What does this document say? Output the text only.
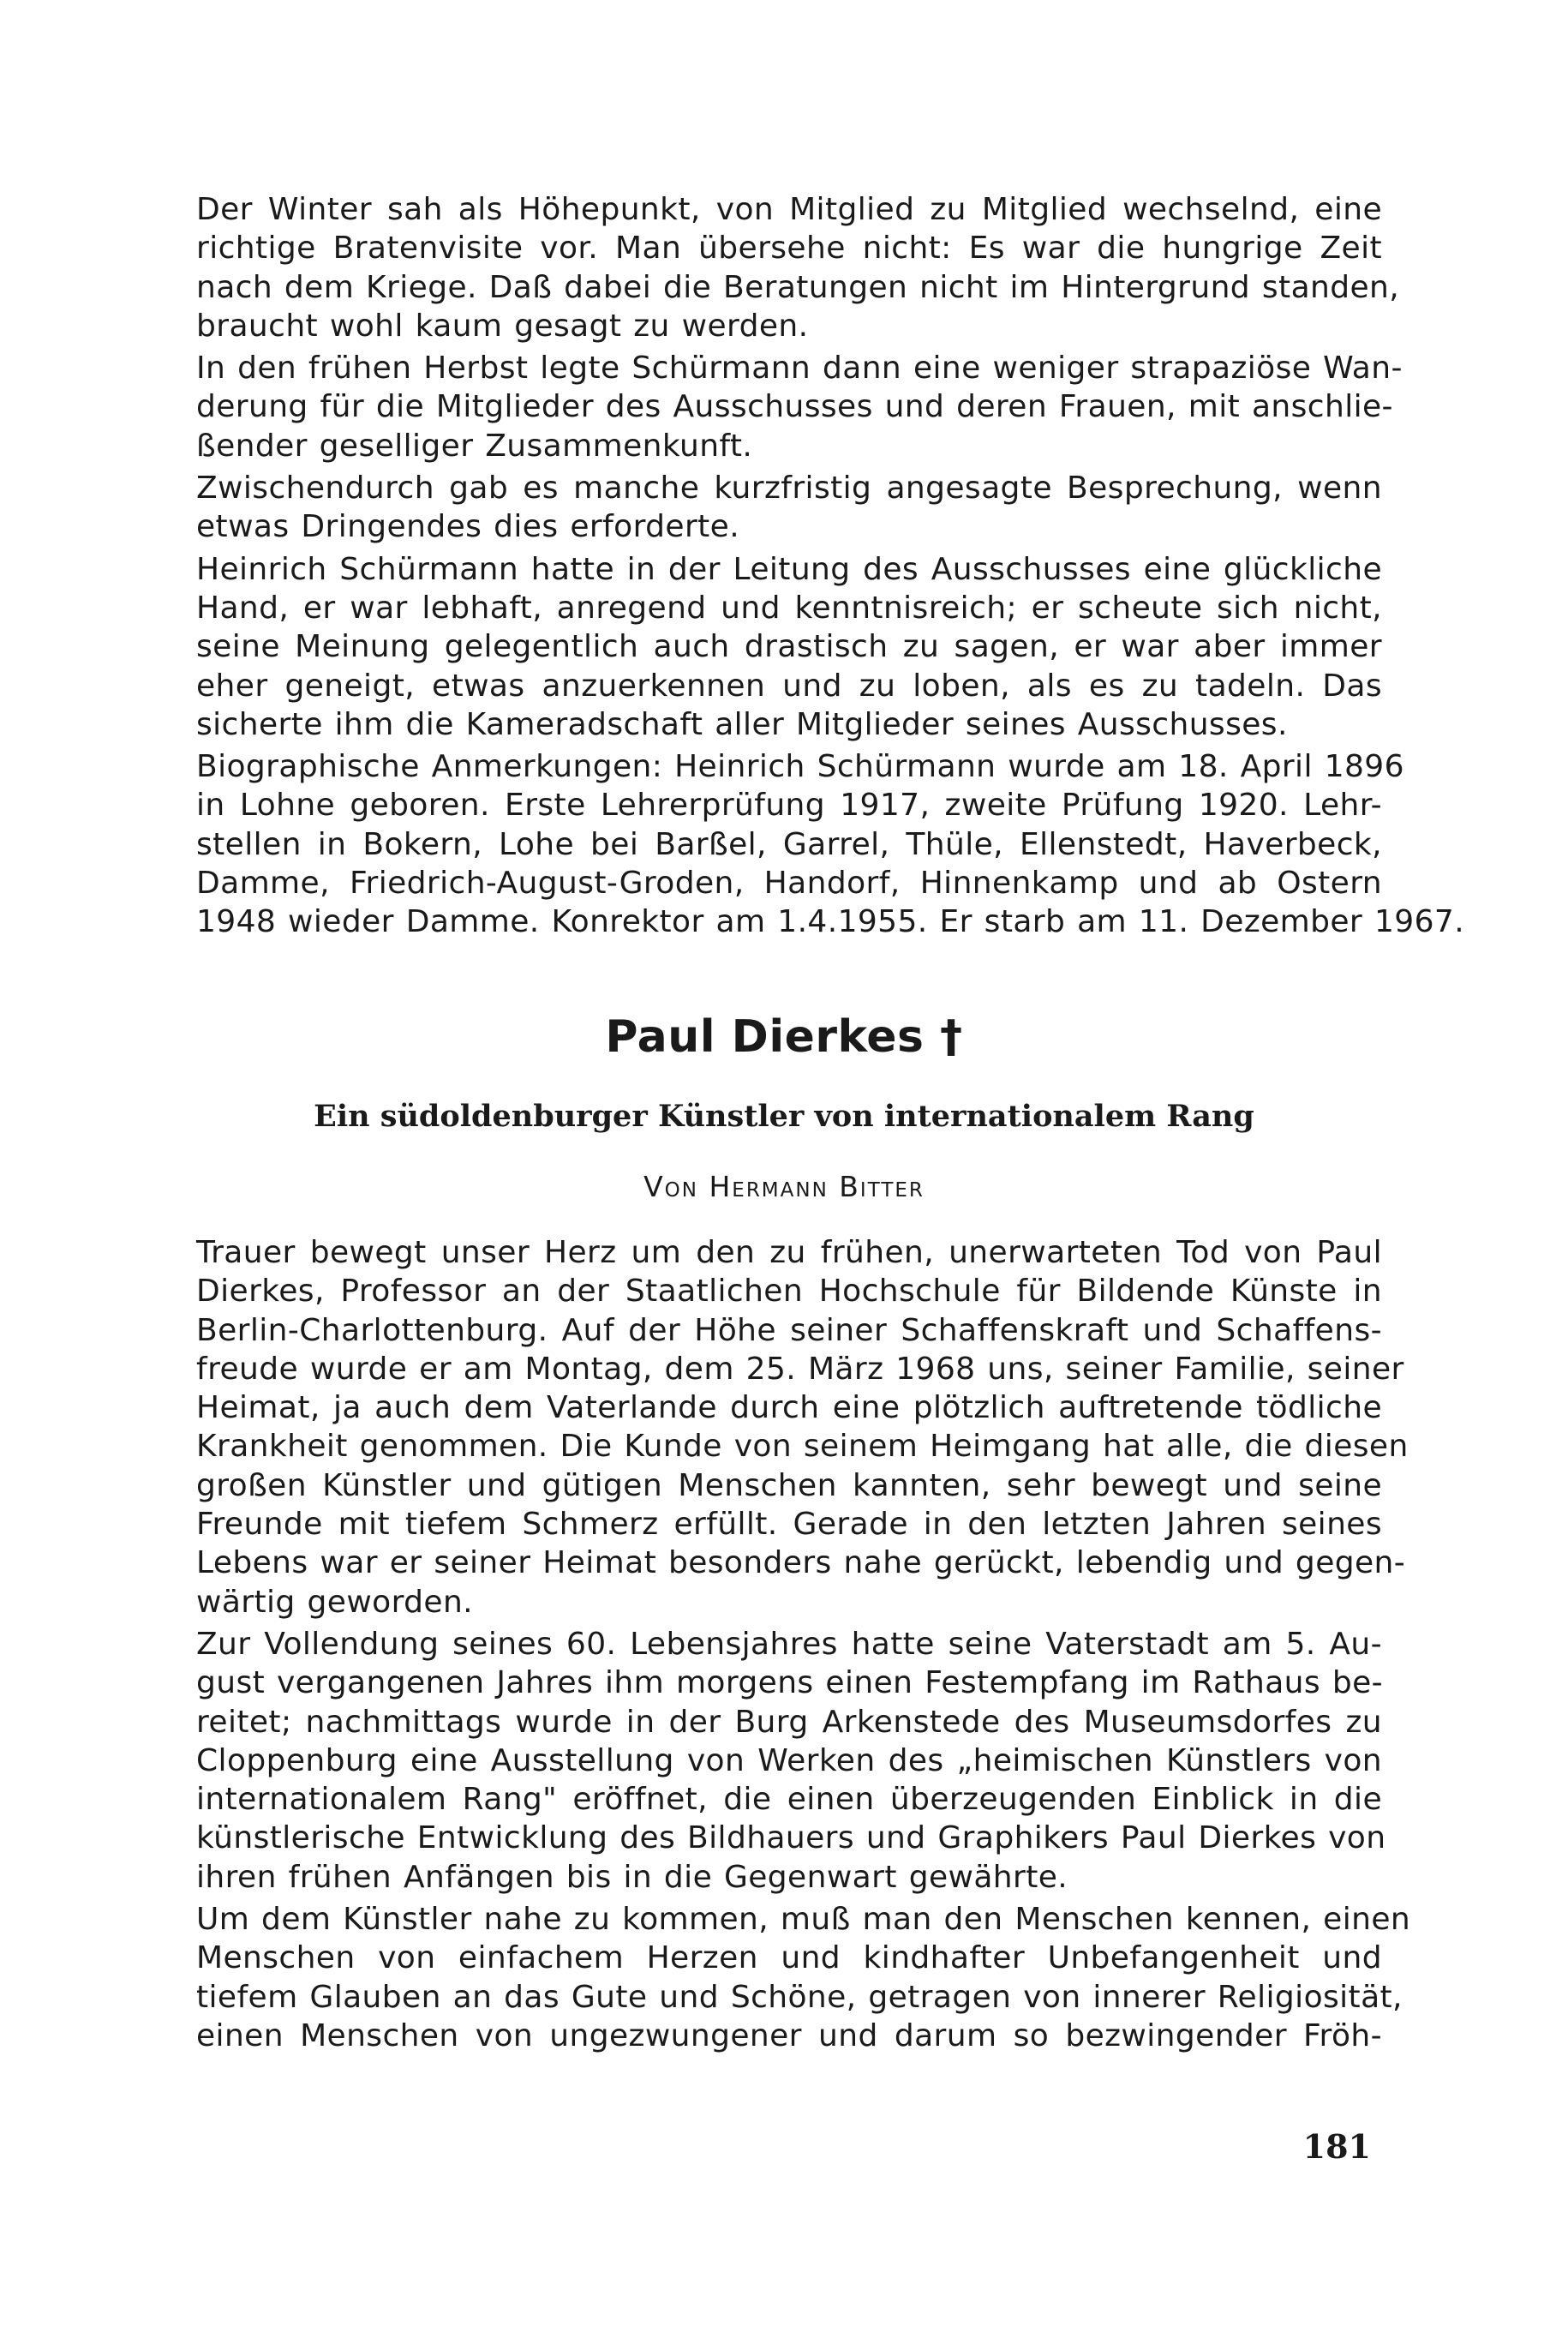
Der Winter sah als Höhepunkt, von Mitglied zu Mitglied wechselnd, eine
richtige Bratenvisite vor. Man übersehe nicht: Es war die hungrige Zeit
nach dem Kriege. Daß dabei die Beratungen nicht im Hintergrund standen,
braucht wohl kaum gesagt zu werden.
In den frühen Herbst legte Schürmann dann eine weniger strapaziöse Wan-
derung für die Mitglieder des Ausschusses und deren Frauen, mit anschlie-
ßender geselliger Zusammenkunft.
Zwischendurch gab es manche kurzfristig angesagte Besprechung, wenn
etwas Dringendes dies erforderte.
Heinrich Schürmann hatte in der Leitung des Ausschusses eine glückliche
Hand, er war lebhaft, anregend und kenntnisreich; er scheute sich nicht,
seine Meinung gelegentlich auch drastisch zu sagen, er war aber immer
eher geneigt, etwas anzuerkennen und zu loben, als es zu tadeln. Das
sicherte ihm die Kameradschaft aller Mitglieder seines Ausschusses.
Biographische Anmerkungen: Heinrich Schürmann wurde am 18. April 1896
in Lohne geboren. Erste Lehrerprüfung 1917, zweite Prüfung 1920. Lehr-
stellen in Bokern, Lohe bei Barßel, Garrel, Thüle, Ellenstedt, Haverbeck,
Damme, Friedrich-August-Groden, Handorf, Hinnenkamp und ab Ostern
1948 wieder Damme. Konrektor am 1.4.1955. Er starb am 11. Dezember 1967.
Paul Dierkes †
Ein südoldenburger Künstler von internationalem Rang

Von Hermann Bitter

Trauer bewegt unser Herz um den zu frühen, unerwarteten Tod von Paul
Dierkes, Professor an der Staatlichen Hochschule für Bildende Künste in
Berlin-Charlottenburg. Auf der Höhe seiner Schaffenskraft und Schaffens-
freude wurde er am Montag, dem 25. März 1968 uns, seiner Familie, seiner
Heimat, ja auch dem Vaterlande durch eine plötzlich auftretende tödliche
Krankheit genommen. Die Kunde von seinem Heimgang hat alle, die diesen
großen Künstler und gütigen Menschen kannten, sehr bewegt und seine
Freunde mit tiefem Schmerz erfüllt. Gerade in den letzten Jahren seines
Lebens war er seiner Heimat besonders nahe gerückt, lebendig und gegen-
wärtig geworden.
Zur Vollendung seines 60. Lebensjahres hatte seine Vaterstadt am 5. Au-
gust vergangenen Jahres ihm morgens einen Festempfang im Rathaus be-
reitet; nachmittags wurde in der Burg Arkenstede des Museumsdorfes zu
Cloppenburg eine Ausstellung von Werken des „heimischen Künstlers von
internationalem Rang" eröffnet, die einen überzeugenden Einblick in die
künstlerische Entwicklung des Bildhauers und Graphikers Paul Dierkes von
ihren frühen Anfängen bis in die Gegenwart gewährte.
Um dem Künstler nahe zu kommen, muß man den Menschen kennen, einen
Menschen von einfachem Herzen und kindhafter Unbefangenheit und
tiefem Glauben an das Gute und Schöne, getragen von innerer Religiosität,
einen Menschen von ungezwungener und darum so bezwingender Fröh-

181
